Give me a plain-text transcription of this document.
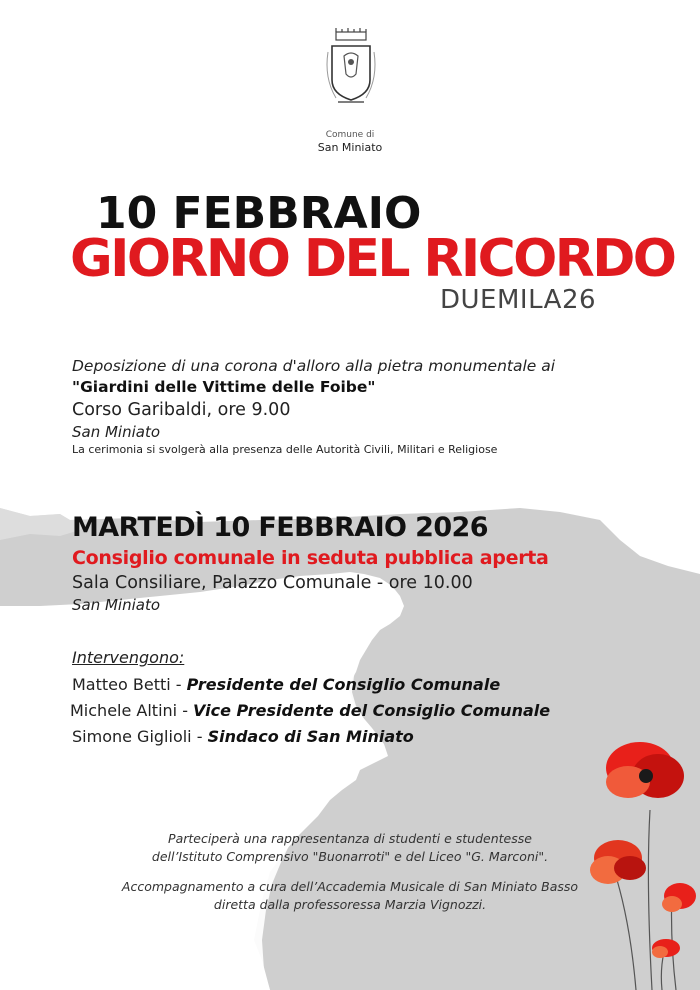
Comune di
San Miniato
10 FEBBRAIO
GIORNO DEL RICORDO
DUEMILA26
Deposizione di una corona d'alloro alla pietra monumentale ai
"Giardini delle Vittime delle Foibe"
Corso Garibaldi, ore 9.00
San Miniato
La cerimonia si svolgerà alla presenza delle Autorità Civili, Militari e Religiose
MARTEDÌ 10 FEBBRAIO 2026
Consiglio comunale in seduta pubblica aperta
Sala Consiliare, Palazzo Comunale - ore 10.00
San Miniato
Intervengono:
Matteo Betti - Presidente del Consiglio Comunale
Michele Altini - Vice Presidente del Consiglio Comunale
Simone Giglioli - Sindaco di San Miniato
Parteciperà una rappresentanza di studenti e studentesse
dell’Istituto Comprensivo "Buonarroti" e del Liceo "G. Marconi".
Accompagnamento a cura dell’Accademia Musicale di San Miniato Basso
diretta dalla professoressa Marzia Vignozzi.
